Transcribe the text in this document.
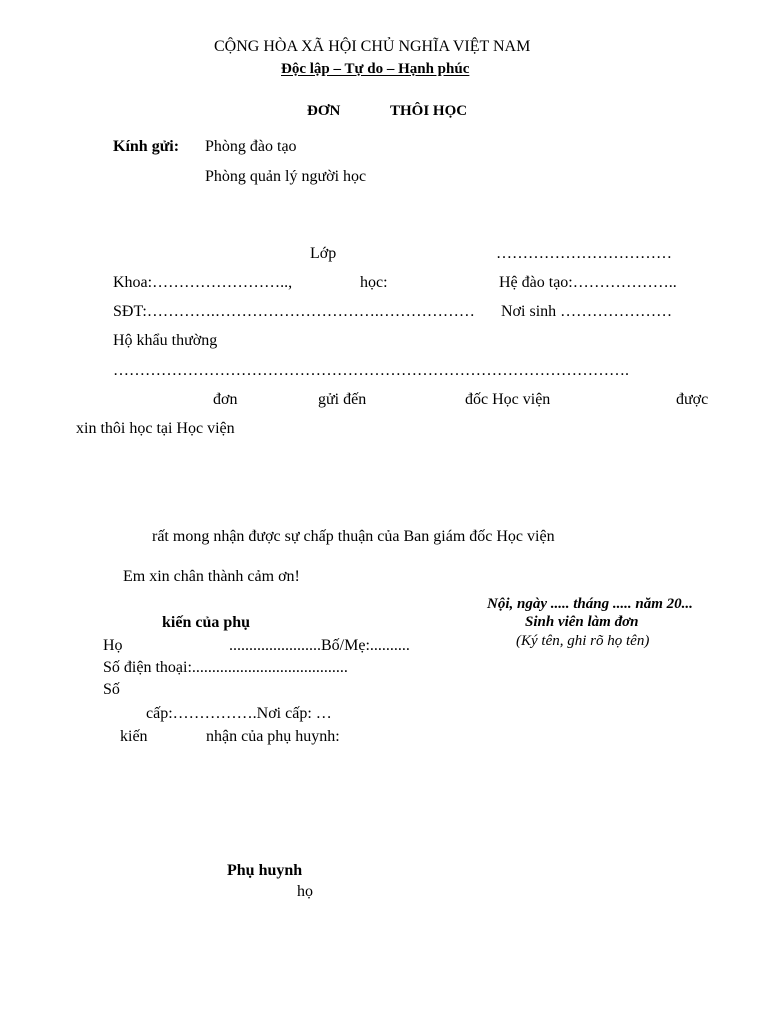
CỘNG HÒA XÃ HỘI CHỦ NGHĨA VIỆT NAM
Độc lập – Tự do – Hạnh phúc
ĐƠN	THÔI HỌC
Kính gửi: Phòng đào tạo
Phòng quản lý người học
Lớp	……………………………
Khoa:……………………..,	học:	Hệ đào tạo:………………..
SĐT:………….………………………….……………… Nơi sinh …………………
Hộ khẩu thường
…………………………………………………………………………………….
đơn	gửi đến	đốc Học viện	được
xin thôi học tại Học viện
rất mong nhận được sự chấp thuận của Ban giám đốc Học viện
Em xin chân thành cảm ơn!
Nội, ngày ..... tháng ..... năm 20...
Sinh viên làm đơn
(Ký tên, ghi rõ họ tên)
kiến của phụ
Họ	.......................Bố/Mẹ:..........
Số điện thoại:.......................................
Số
cấp:…………….Nơi cấp: …
kiến	nhận của phụ huynh:
Phụ huynh
họ
